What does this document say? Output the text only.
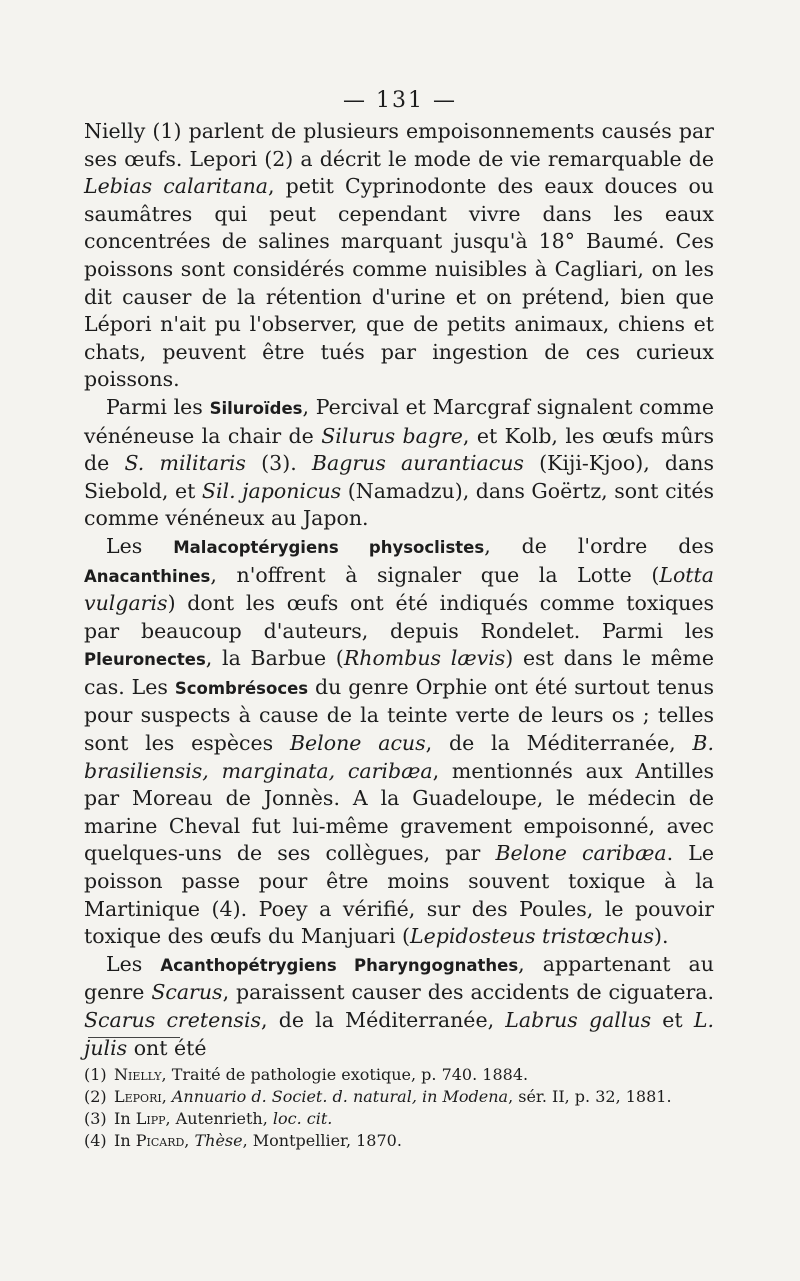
— 131 —

Nielly (1) parlent de plusieurs empoisonnements causés par ses œufs. Lepori (2) a décrit le mode de vie remarquable de Lebias calaritana, petit Cyprinodonte des eaux douces ou saumâtres qui peut cependant vivre dans les eaux concentrées de salines marquant jusqu'à 18° Baumé. Ces poissons sont considérés comme nuisibles à Cagliari, on les dit causer de la rétention d'urine et on prétend, bien que Lépori n'ait pu l'observer, que de petits animaux, chiens et chats, peuvent être tués par ingestion de ces curieux poissons.

Parmi les Siluroïdes, Percival et Marcgraf signalent comme vénéneuse la chair de Silurus bagre, et Kolb, les œufs mûrs de S. militaris (3). Bagrus aurantiacus (Kiji-Kjoo), dans Siebold, et Sil. japonicus (Namadzu), dans Goërtz, sont cités comme vénéneux au Japon.

Les Malacoptérygiens physoclistes, de l'ordre des Anacanthines, n'offrent à signaler que la Lotte (Lotta vulgaris) dont les œufs ont été indiqués comme toxiques par beaucoup d'auteurs, depuis Rondelet. Parmi les Pleuronectes, la Barbue (Rhombus lævis) est dans le même cas. Les Scombrésoces du genre Orphie ont été surtout tenus pour suspects à cause de la teinte verte de leurs os ; telles sont les espèces Belone acus, de la Méditerranée, B. brasiliensis, marginata, caribæa, mentionnés aux Antilles par Moreau de Jonnès. A la Guadeloupe, le médecin de marine Cheval fut lui-même gravement empoisonné, avec quelques-uns de ses collègues, par Belone caribæa. Le poisson passe pour être moins souvent toxique à la Martinique (4). Poey a vérifié, sur des Poules, le pouvoir toxique des œufs du Manjuari (Lepidosteus tristœchus).

Les Acanthopétrygiens Pharyngognathes, appartenant au genre Scarus, paraissent causer des accidents de ciguatera. Scarus cretensis, de la Méditerranée, Labrus gallus et L. julis ont été

(1) Nielly, Traité de pathologie exotique, p. 740. 1884.
(2) Lepori, Annuario d. Societ. d. natural, in Modena, sér. II, p. 32, 1881.
(3) In Lipp, Autenrieth, loc. cit.
(4) In Picard, Thèse, Montpellier, 1870.
